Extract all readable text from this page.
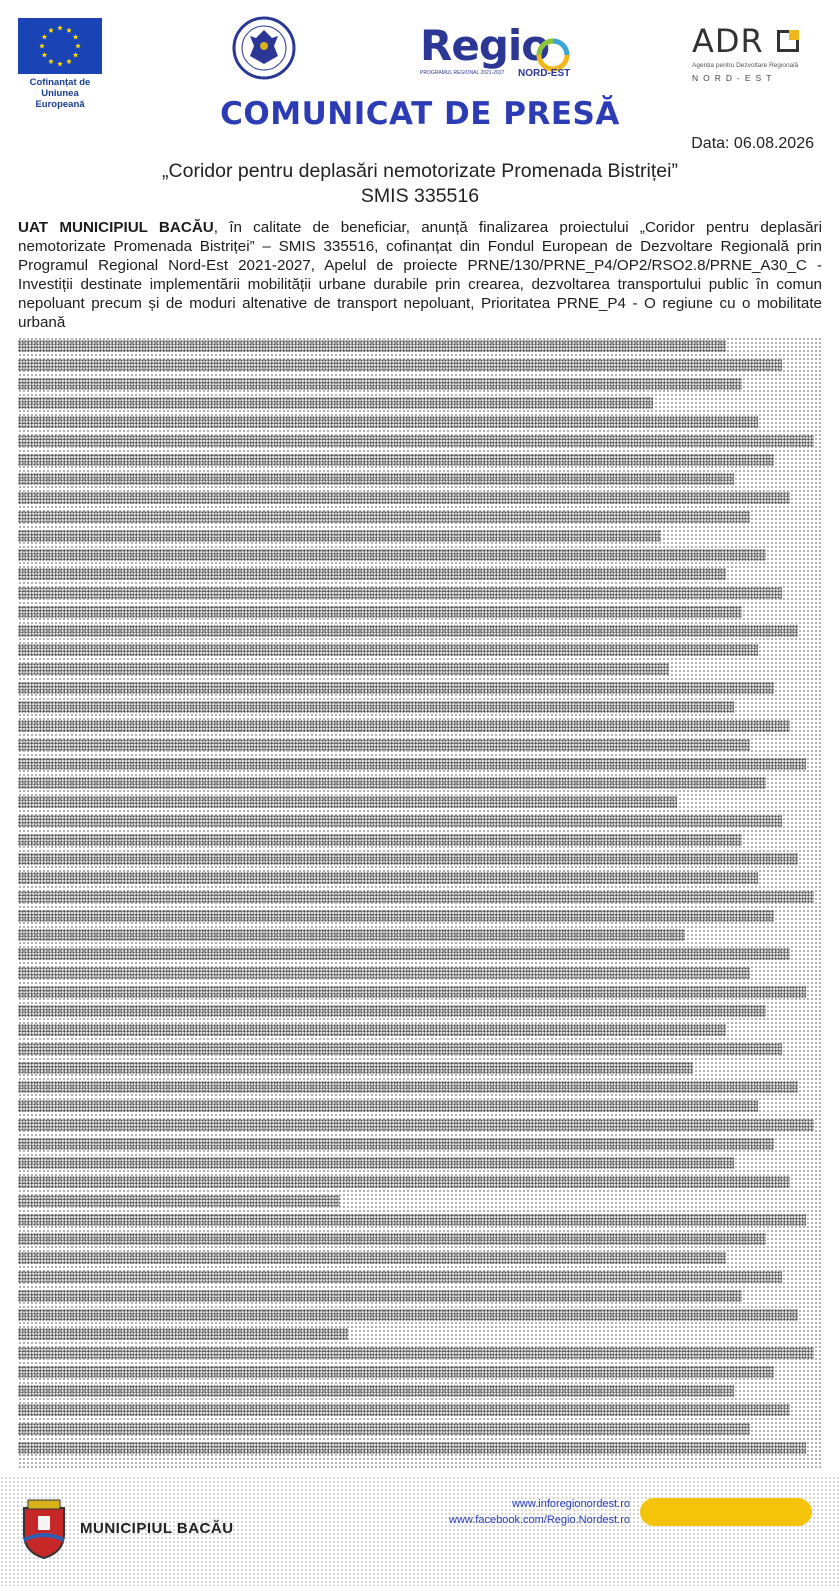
Cofinanțat de Uniunea Europeană
Regio
PROGRAMUL REGIONAL 2021-2027 NORD-EST
ADR
Agenția pentru Dezvoltare Regională
NORD-EST
COMUNICAT DE PRESĂ
Data: 06.08.2026
„Coridor pentru deplasări nemotorizate Promenada Bistriței”
SMIS 335516
UAT MUNICIPIUL BACĂU, în calitate de beneficiar, anunță finalizarea proiectului „Coridor pentru deplasări nemotorizate Promenada Bistriței” – SMIS 335516, cofinanțat din Fondul European de Dezvoltare Regională prin Programul Regional Nord-Est 2021-2027, Apelul de proiecte PRNE/130/PRNE_P4/OP2/RSO2.8/PRNE_A30_C - Investiții destinate implementării mobilității urbane durabile prin crearea, dezvoltarea transportului public în comun nepoluant precum și de moduri altenative de transport nepoluant, Prioritatea PRNE_P4 - O regiune cu o mobilitate urbană
MUNICIPIUL BACĂU
www.inforegionordest.ro
www.facebook.com/Regio.Nordest.ro
